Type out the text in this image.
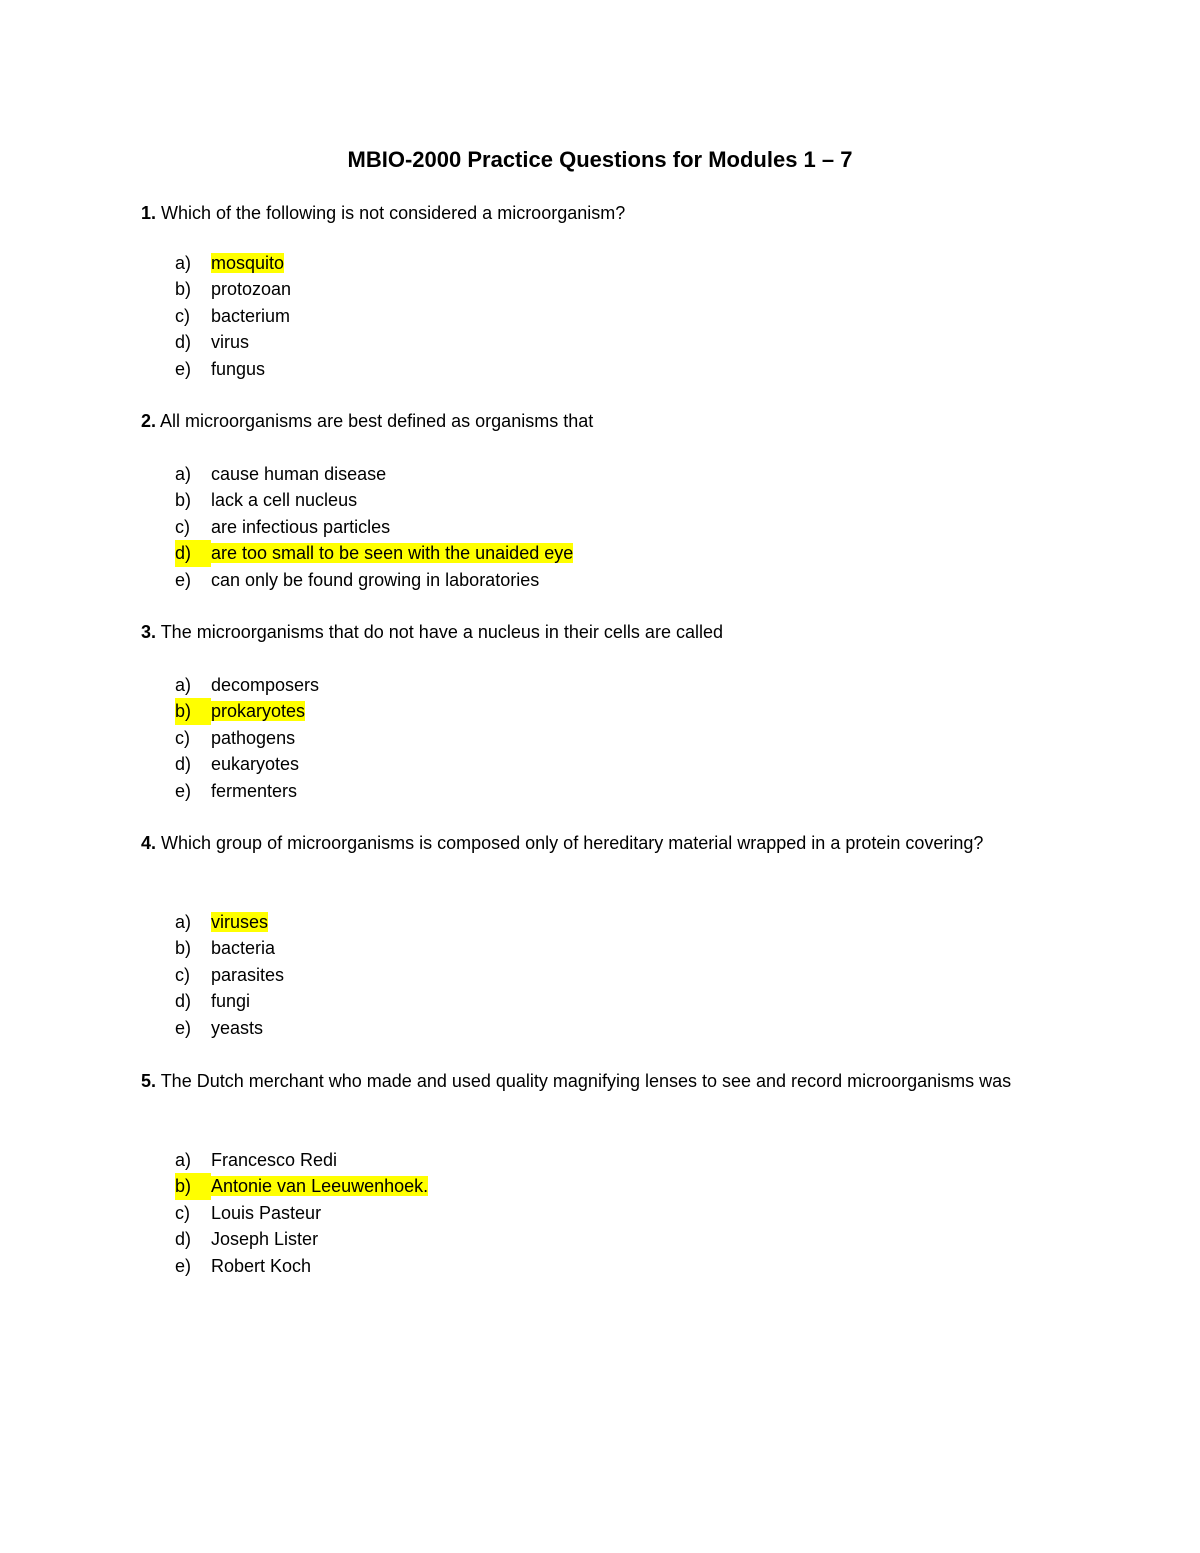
MBIO-2000 Practice Questions for Modules 1 – 7
1. Which of the following is not considered a microorganism?
a) mosquito
b) protozoan
c) bacterium
d) virus
e) fungus
2. All microorganisms are best defined as organisms that
a) cause human disease
b) lack a cell nucleus
c) are infectious particles
d) are too small to be seen with the unaided eye
e) can only be found growing in laboratories
3. The microorganisms that do not have a nucleus in their cells are called
a) decomposers
b) prokaryotes
c) pathogens
d) eukaryotes
e) fermenters
4. Which group of microorganisms is composed only of hereditary material wrapped in a protein covering?
a) viruses
b) bacteria
c) parasites
d) fungi
e) yeasts
5. The Dutch merchant who made and used quality magnifying lenses to see and record microorganisms was
a) Francesco Redi
b) Antonie van Leeuwenhoek.
c) Louis Pasteur
d) Joseph Lister
e) Robert Koch
